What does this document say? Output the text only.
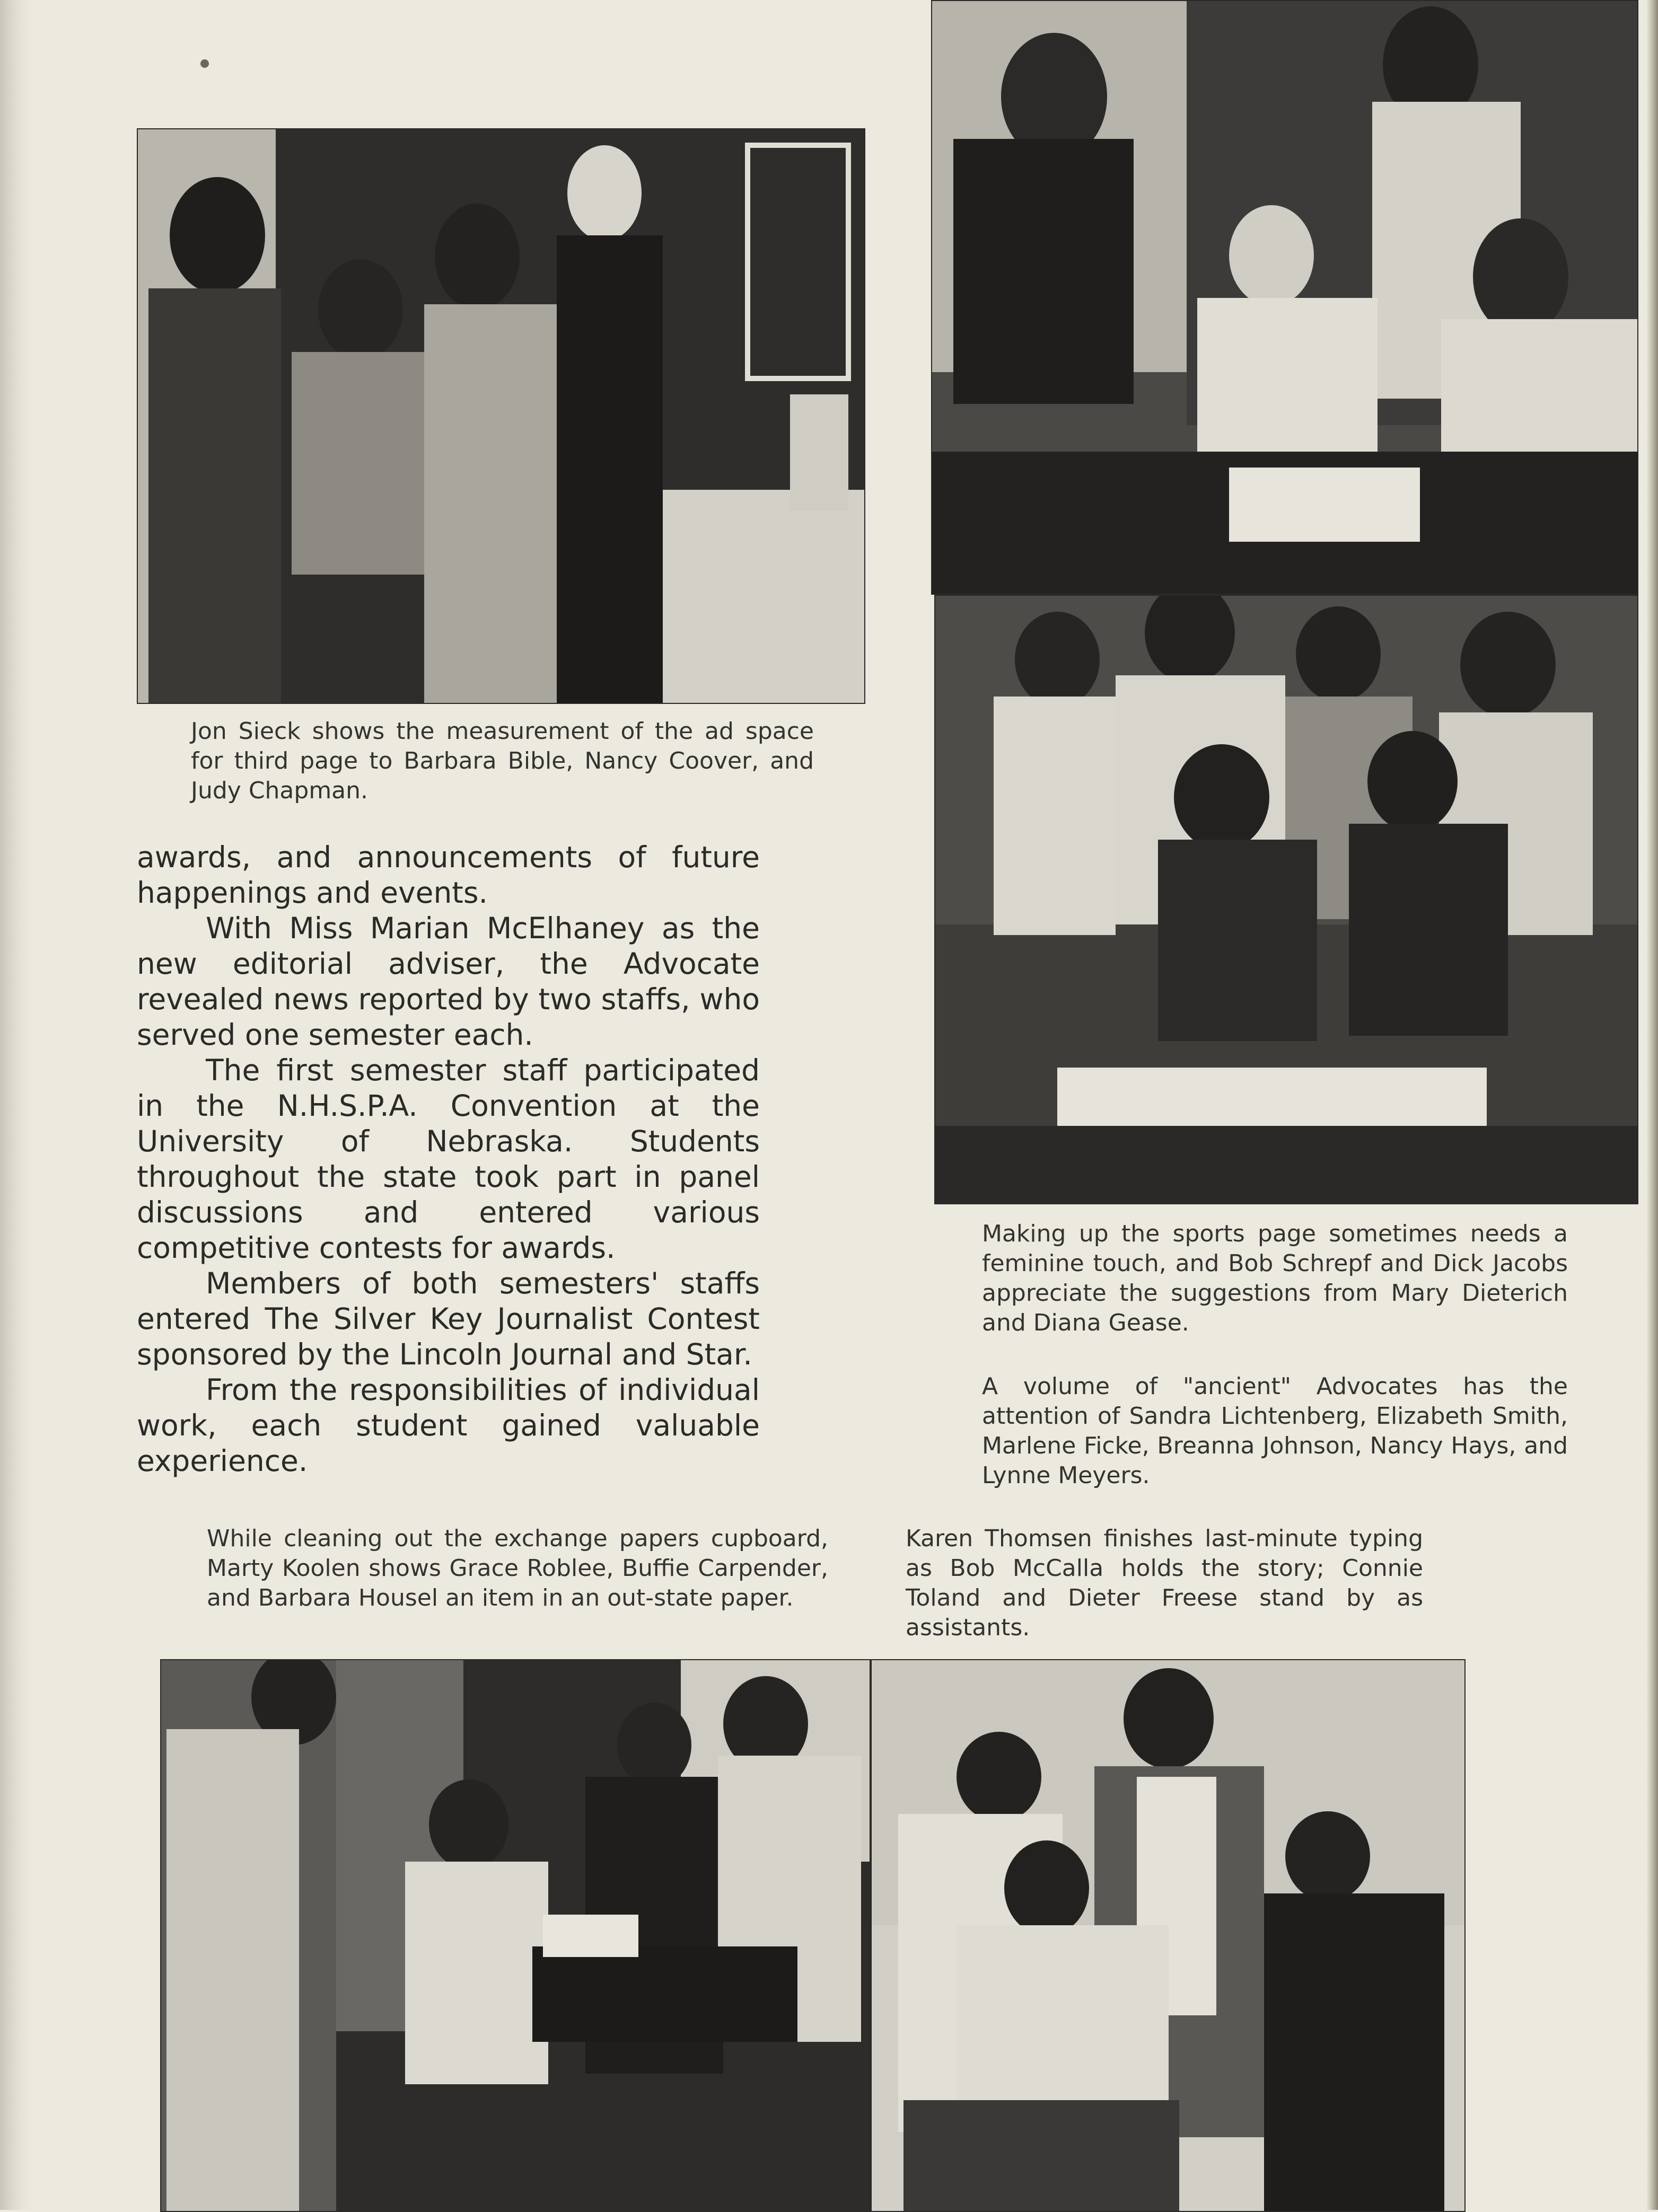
Jon Sieck shows the measurement of the ad space for third page to Barbara Bible, Nancy Coover, and Judy Chapman.

Making up the sports page sometimes needs a feminine touch, and Bob Schrepf and Dick Jacobs appreciate the suggestions from Mary Dieterich and Diana Gease.

A volume of "ancient" Advocates has the attention of Sandra Lichtenberg, Elizabeth Smith, Marlene Ficke, Breanna Johnson, Nancy Hays, and Lynne Meyers.

awards, and announcements of future happenings and events.

With Miss Marian McElhaney as the new editorial adviser, the Advocate revealed news reported by two staffs, who served one semester each.

The first semester staff participated in the N.H.S.P.A. Convention at the University of Nebraska. Students throughout the state took part in panel discussions and entered various competitive contests for awards.

Members of both semesters' staffs entered The Silver Key Journalist Contest sponsored by the Lincoln Journal and Star.

From the responsibilities of individual work, each student gained valuable experience.

While cleaning out the exchange papers cupboard, Marty Koolen shows Grace Roblee, Buffie Carpender, and Barbara Housel an item in an out-state paper.

Karen Thomsen finishes last-minute typing as Bob McCalla holds the story; Connie Toland and Dieter Freese stand by as assistants.
